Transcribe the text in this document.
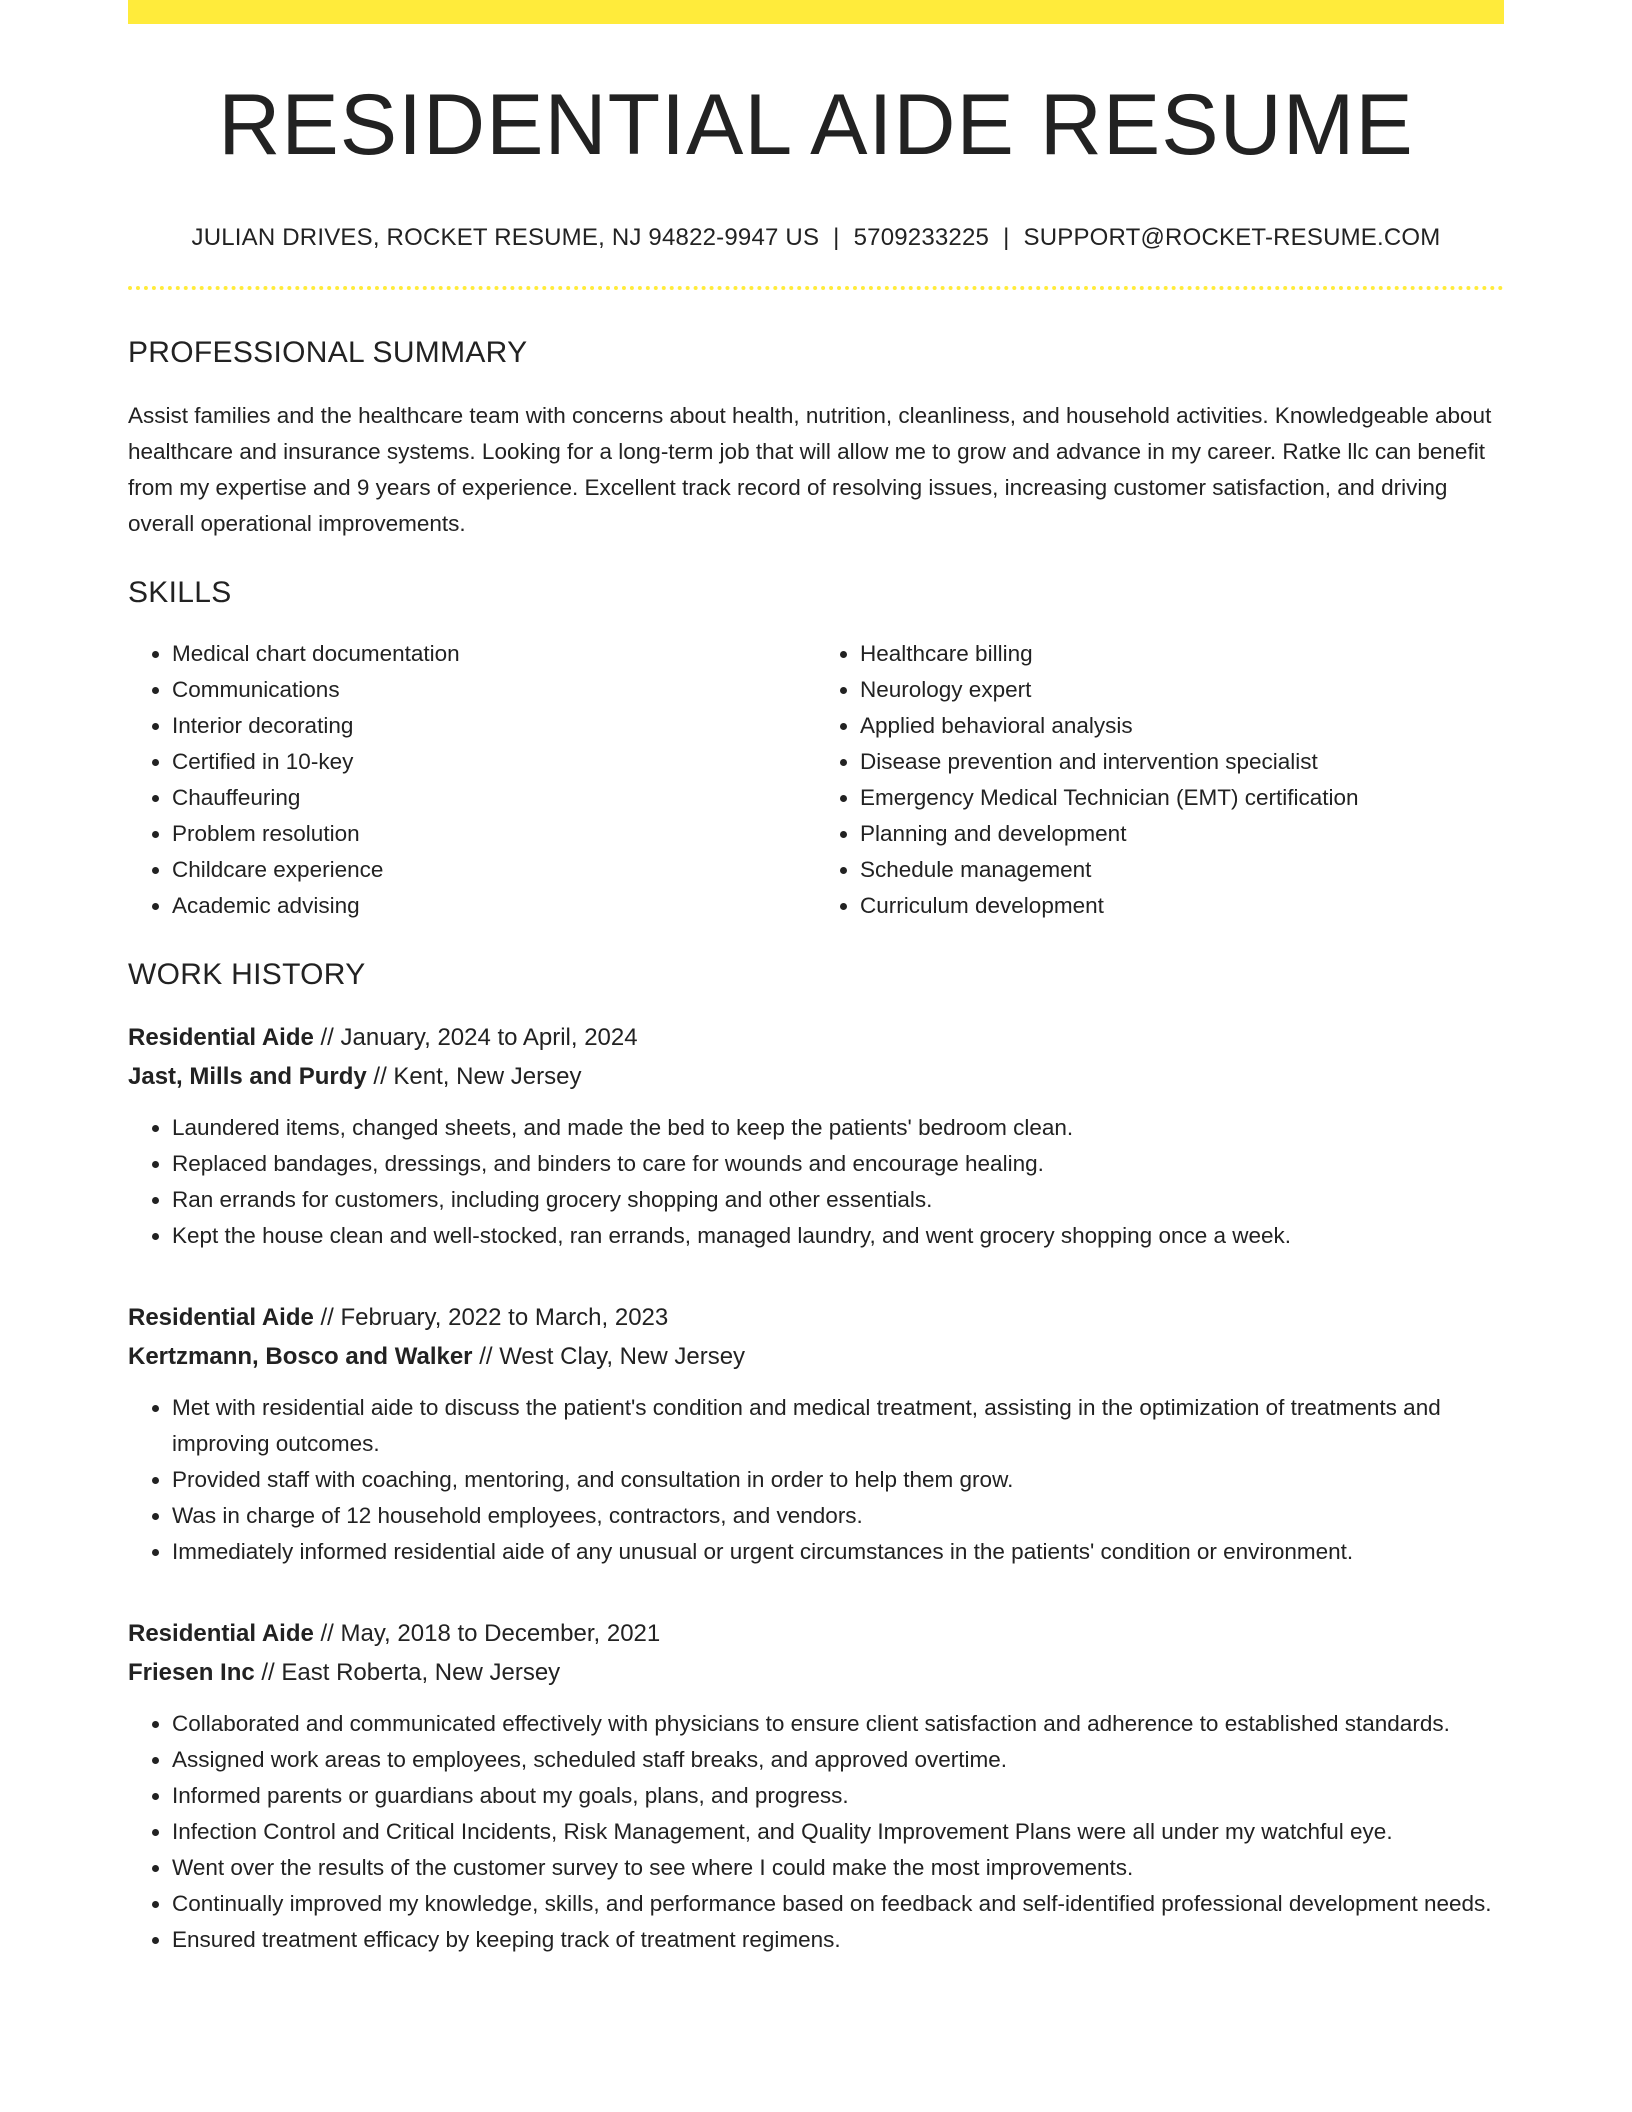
RESIDENTIAL AIDE RESUME
JULIAN DRIVES, ROCKET RESUME, NJ 94822-9947 US | 5709233225 | SUPPORT@ROCKET-RESUME.COM
PROFESSIONAL SUMMARY

Assist families and the healthcare team with concerns about health, nutrition, cleanliness, and household activities. Knowledgeable about healthcare and insurance systems. Looking for a long-term job that will allow me to grow and advance in my career. Ratke llc can benefit from my expertise and 9 years of experience. Excellent track record of resolving issues, increasing customer satisfaction, and driving overall operational improvements.

SKILLS
• Medical chart documentation
• Communications
• Interior decorating
• Certified in 10-key
• Chauffeuring
• Problem resolution
• Childcare experience
• Academic advising
• Healthcare billing
• Neurology expert
• Applied behavioral analysis
• Disease prevention and intervention specialist
• Emergency Medical Technician (EMT) certification
• Planning and development
• Schedule management
• Curriculum development
WORK HISTORY
Residential Aide // January, 2024 to April, 2024
Jast, Mills and Purdy // Kent, New Jersey
• Laundered items, changed sheets, and made the bed to keep the patients' bedroom clean.
• Replaced bandages, dressings, and binders to care for wounds and encourage healing.
• Ran errands for customers, including grocery shopping and other essentials.
• Kept the house clean and well-stocked, ran errands, managed laundry, and went grocery shopping once a week.
Residential Aide // February, 2022 to March, 2023
Kertzmann, Bosco and Walker // West Clay, New Jersey
• Met with residential aide to discuss the patient's condition and medical treatment, assisting in the optimization of treatments and improving outcomes.
• Provided staff with coaching, mentoring, and consultation in order to help them grow.
• Was in charge of 12 household employees, contractors, and vendors.
• Immediately informed residential aide of any unusual or urgent circumstances in the patients' condition or environment.
Residential Aide // May, 2018 to December, 2021
Friesen Inc // East Roberta, New Jersey
• Collaborated and communicated effectively with physicians to ensure client satisfaction and adherence to established standards.
• Assigned work areas to employees, scheduled staff breaks, and approved overtime.
• Informed parents or guardians about my goals, plans, and progress.
• Infection Control and Critical Incidents, Risk Management, and Quality Improvement Plans were all under my watchful eye.
• Went over the results of the customer survey to see where I could make the most improvements.
• Continually improved my knowledge, skills, and performance based on feedback and self-identified professional development needs.
• Ensured treatment efficacy by keeping track of treatment regimens.
